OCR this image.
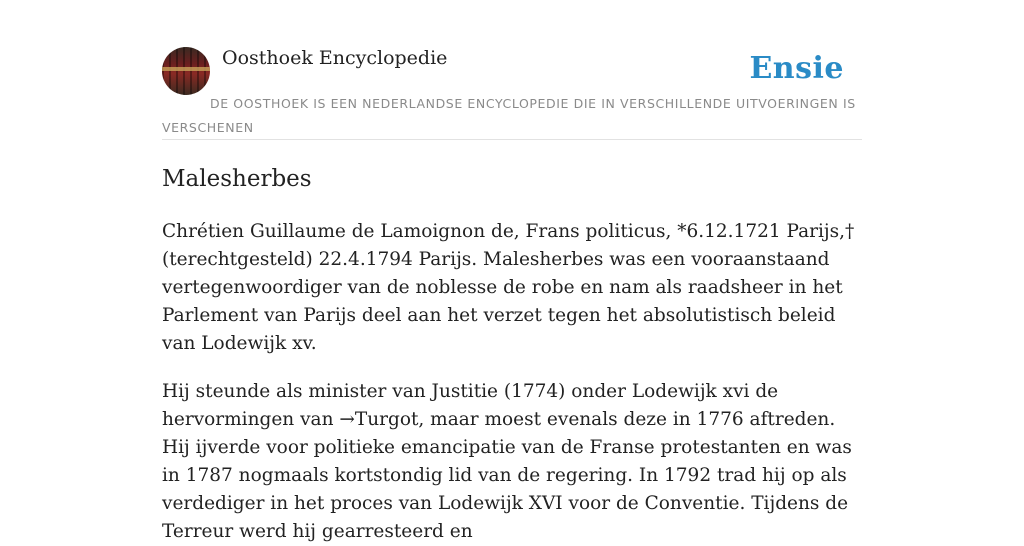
Oosthoek Encyclopedie	Ensie
DE OOSTHOEK IS EEN NEDERLANDSE ENCYCLOPEDIE DIE IN VERSCHILLENDE UITVOERINGEN IS VERSCHENEN
Malesherbes

Chrétien Guillaume de Lamoignon de, Frans politicus, *6.12.1721 Parijs,† (terechtgesteld) 22.4.1794 Parijs. Malesherbes was een vooraanstaand vertegenwoordiger van de noblesse de robe en nam als raadsheer in het Parlement van Parijs deel aan het verzet tegen het absolutistisch beleid van Lodewijk xv.

Hij steunde als minister van Justitie (1774) onder Lodewijk xvi de hervormingen van →Turgot, maar moest evenals deze in 1776 aftreden. Hij ijverde voor politieke emancipatie van de Franse protestanten en was in 1787 nogmaals kortstondig lid van de regering. In 1792 trad hij op als verdediger in het proces van Lodewijk XVI voor de Conventie. Tijdens de Terreur werd hij gearresteerd en
